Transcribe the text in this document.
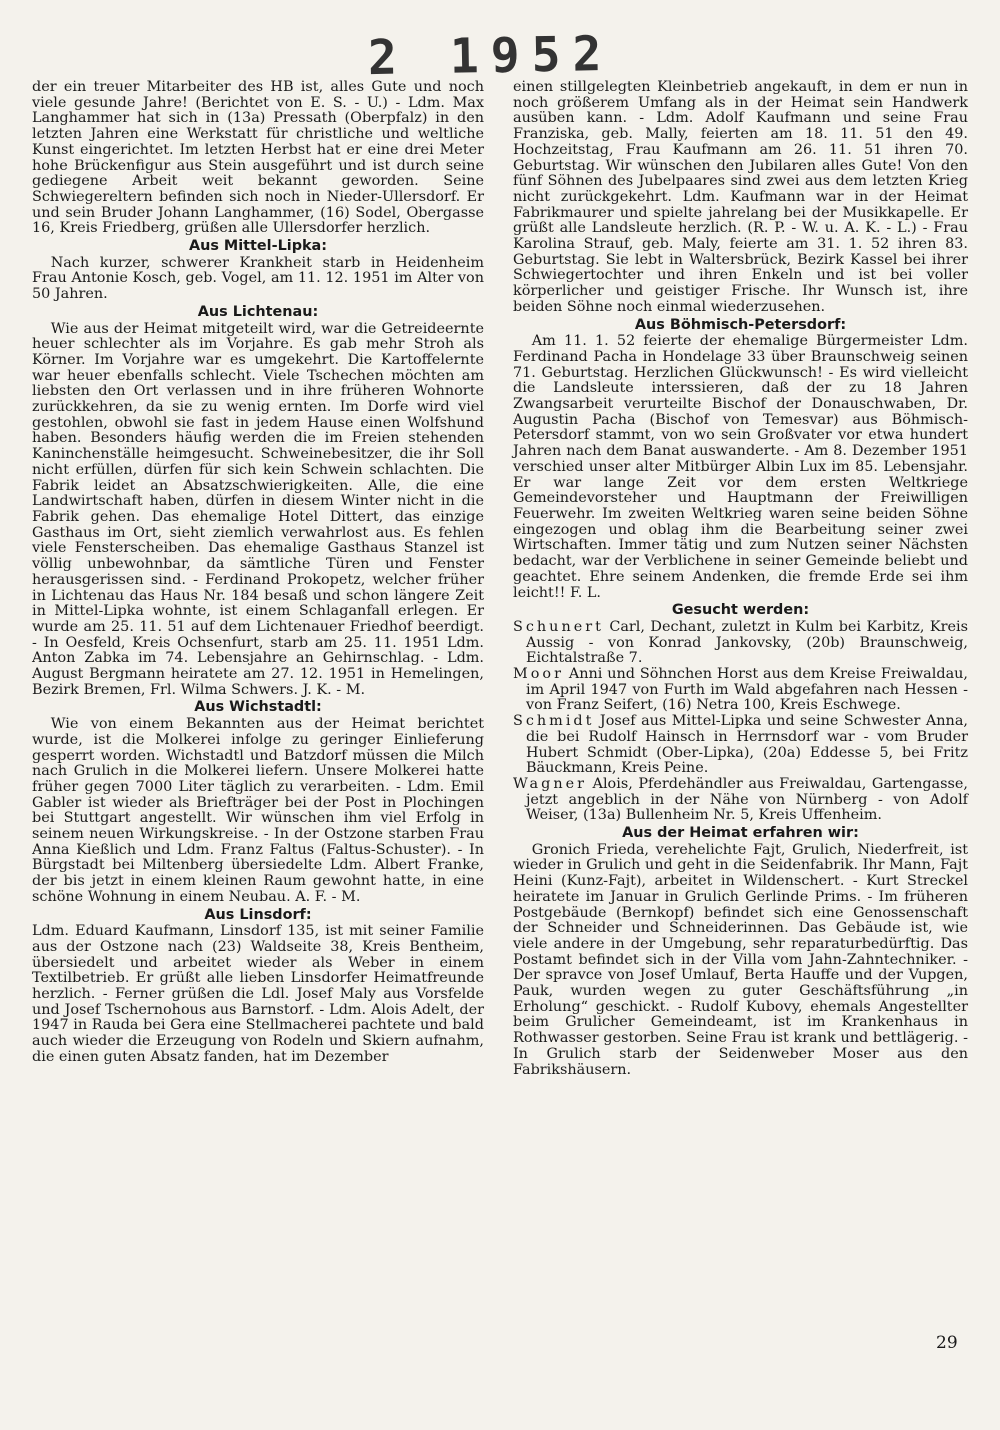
2 1952

der ein treuer Mitarbeiter des HB ist, alles Gute und noch viele gesunde Jahre! (Berichtet von E. S. - U.) - Ldm. Max Langhammer hat sich in (13a) Pressath (Oberpfalz) in den letzten Jahren eine Werkstatt für christliche und weltliche Kunst eingerichtet. Im letzten Herbst hat er eine drei Meter hohe Brückenfigur aus Stein ausgeführt und ist durch seine gediegene Arbeit weit bekannt geworden. Seine Schwiegereltern befinden sich noch in Nieder-Ullersdorf. Er und sein Bruder Johann Langhammer, (16) Sodel, Obergasse 16, Kreis Friedberg, grüßen alle Ullersdorfer herzlich.

Aus Mittel-Lipka:

Nach kurzer, schwerer Krankheit starb in Heidenheim Frau Antonie Kosch, geb. Vogel, am 11. 12. 1951 im Alter von 50 Jahren.

Aus Lichtenau:

Wie aus der Heimat mitgeteilt wird, war die Getreideernte heuer schlechter als im Vorjahre. Es gab mehr Stroh als Körner. Im Vorjahre war es umgekehrt. Die Kartoffelernte war heuer ebenfalls schlecht. Viele Tschechen möchten am liebsten den Ort verlassen und in ihre früheren Wohnorte zurückkehren, da sie zu wenig ernten. Im Dorfe wird viel gestohlen, obwohl sie fast in jedem Hause einen Wolfshund haben. Besonders häufig werden die im Freien stehenden Kaninchenställe heimgesucht. Schweinebesitzer, die ihr Soll nicht erfüllen, dürfen für sich kein Schwein schlachten. Die Fabrik leidet an Absatzschwierigkeiten. Alle, die eine Landwirtschaft haben, dürfen in diesem Winter nicht in die Fabrik gehen. Das ehemalige Hotel Dittert, das einzige Gasthaus im Ort, sieht ziemlich verwahrlost aus. Es fehlen viele Fensterscheiben. Das ehemalige Gasthaus Stanzel ist völlig unbewohnbar, da sämtliche Türen und Fenster herausgerissen sind. - Ferdinand Prokopetz, welcher früher in Lichtenau das Haus Nr. 184 besaß und schon längere Zeit in Mittel-Lipka wohnte, ist einem Schlaganfall erlegen. Er wurde am 25. 11. 51 auf dem Lichtenauer Friedhof beerdigt. - In Oesfeld, Kreis Ochsenfurt, starb am 25. 11. 1951 Ldm. Anton Zabka im 74. Lebensjahre an Gehirnschlag. - Ldm. August Bergmann heiratete am 27. 12. 1951 in Hemelingen, Bezirk Bremen, Frl. Wilma Schwers. J. K. - M.

Aus Wichstadtl:

Wie von einem Bekannten aus der Heimat berichtet wurde, ist die Molkerei infolge zu geringer Einlieferung gesperrt worden. Wichstadtl und Batzdorf müssen die Milch nach Grulich in die Molkerei liefern. Unsere Molkerei hatte früher gegen 7000 Liter täglich zu verarbeiten. - Ldm. Emil Gabler ist wieder als Briefträger bei der Post in Plochingen bei Stuttgart angestellt. Wir wünschen ihm viel Erfolg in seinem neuen Wirkungskreise. - In der Ostzone starben Frau Anna Kießlich und Ldm. Franz Faltus (Faltus-Schuster). - In Bürgstadt bei Miltenberg übersiedelte Ldm. Albert Franke, der bis jetzt in einem kleinen Raum gewohnt hatte, in eine schöne Wohnung in einem Neubau. A. F. - M.

Aus Linsdorf:

Ldm. Eduard Kaufmann, Linsdorf 135, ist mit seiner Familie aus der Ostzone nach (23) Waldseite 38, Kreis Bentheim, übersiedelt und arbeitet wieder als Weber in einem Textilbetrieb. Er grüßt alle lieben Linsdorfer Heimatfreunde herzlich. - Ferner grüßen die Ldl. Josef Maly aus Vorsfelde und Josef Tschernohous aus Barnstorf. - Ldm. Alois Adelt, der 1947 in Rauda bei Gera eine Stellmacherei pachtete und bald auch wieder die Erzeugung von Rodeln und Skiern aufnahm, die einen guten Absatz fanden, hat im Dezember

einen stillgelegten Kleinbetrieb angekauft, in dem er nun in noch größerem Umfang als in der Heimat sein Handwerk ausüben kann. - Ldm. Adolf Kaufmann und seine Frau Franziska, geb. Mally, feierten am 18. 11. 51 den 49. Hochzeitstag, Frau Kaufmann am 26. 11. 51 ihren 70. Geburtstag. Wir wünschen den Jubilaren alles Gute! Von den fünf Söhnen des Jubelpaares sind zwei aus dem letzten Krieg nicht zurückgekehrt. Ldm. Kaufmann war in der Heimat Fabrikmaurer und spielte jahrelang bei der Musikkapelle. Er grüßt alle Landsleute herzlich. (R. P. - W. u. A. K. - L.) - Frau Karolina Strauf, geb. Maly, feierte am 31. 1. 52 ihren 83. Geburtstag. Sie lebt in Waltersbrück, Bezirk Kassel bei ihrer Schwiegertochter und ihren Enkeln und ist bei voller körperlicher und geistiger Frische. Ihr Wunsch ist, ihre beiden Söhne noch einmal wiederzusehen.

Aus Böhmisch-Petersdorf:

Am 11. 1. 52 feierte der ehemalige Bürgermeister Ldm. Ferdinand Pacha in Hondelage 33 über Braunschweig seinen 71. Geburtstag. Herzlichen Glückwunsch! - Es wird vielleicht die Landsleute interssieren, daß der zu 18 Jahren Zwangsarbeit verurteilte Bischof der Donauschwaben, Dr. Augustin Pacha (Bischof von Temesvar) aus Böhmisch-Petersdorf stammt, von wo sein Großvater vor etwa hundert Jahren nach dem Banat auswanderte. - Am 8. Dezember 1951 verschied unser alter Mitbürger Albin Lux im 85. Lebensjahr. Er war lange Zeit vor dem ersten Weltkriege Gemeindevorsteher und Hauptmann der Freiwilligen Feuerwehr. Im zweiten Weltkrieg waren seine beiden Söhne eingezogen und oblag ihm die Bearbeitung seiner zwei Wirtschaften. Immer tätig und zum Nutzen seiner Nächsten bedacht, war der Verblichene in seiner Gemeinde beliebt und geachtet. Ehre seinem Andenken, die fremde Erde sei ihm leicht!! F. L.

Gesucht werden:

Schunert Carl, Dechant, zuletzt in Kulm bei Karbitz, Kreis Aussig - von Konrad Jankovsky, (20b) Braunschweig, Eichtalstraße 7.

Moor Anni und Söhnchen Horst aus dem Kreise Freiwaldau, im April 1947 von Furth im Wald abgefahren nach Hessen - von Franz Seifert, (16) Netra 100, Kreis Eschwege.

Schmidt Josef aus Mittel-Lipka und seine Schwester Anna, die bei Rudolf Hainsch in Herrnsdorf war - vom Bruder Hubert Schmidt (Ober-Lipka), (20a) Eddesse 5, bei Fritz Bäuckmann, Kreis Peine.

Wagner Alois, Pferdehändler aus Freiwaldau, Gartengasse, jetzt angeblich in der Nähe von Nürnberg - von Adolf Weiser, (13a) Bullenheim Nr. 5, Kreis Uffenheim.

Aus der Heimat erfahren wir:

Gronich Frieda, verehelichte Fajt, Grulich, Niederfreit, ist wieder in Grulich und geht in die Seidenfabrik. Ihr Mann, Fajt Heini (Kunz-Fajt), arbeitet in Wildenschert. - Kurt Streckel heiratete im Januar in Grulich Gerlinde Prims. - Im früheren Postgebäude (Bernkopf) befindet sich eine Genossenschaft der Schneider und Schneiderinnen. Das Gebäude ist, wie viele andere in der Umgebung, sehr reparaturbedürftig. Das Postamt befindet sich in der Villa vom Jahn-Zahntechniker. - Der spravce von Josef Umlauf, Berta Hauffe und der Vupgen, Pauk, wurden wegen zu guter Geschäftsführung „in Erholung“ geschickt. - Rudolf Kubovy, ehemals Angestellter beim Grulicher Gemeindeamt, ist im Krankenhaus in Rothwasser gestorben. Seine Frau ist krank und bettlägerig. - In Grulich starb der Seidenweber Moser aus den Fabrikshäusern.

29
